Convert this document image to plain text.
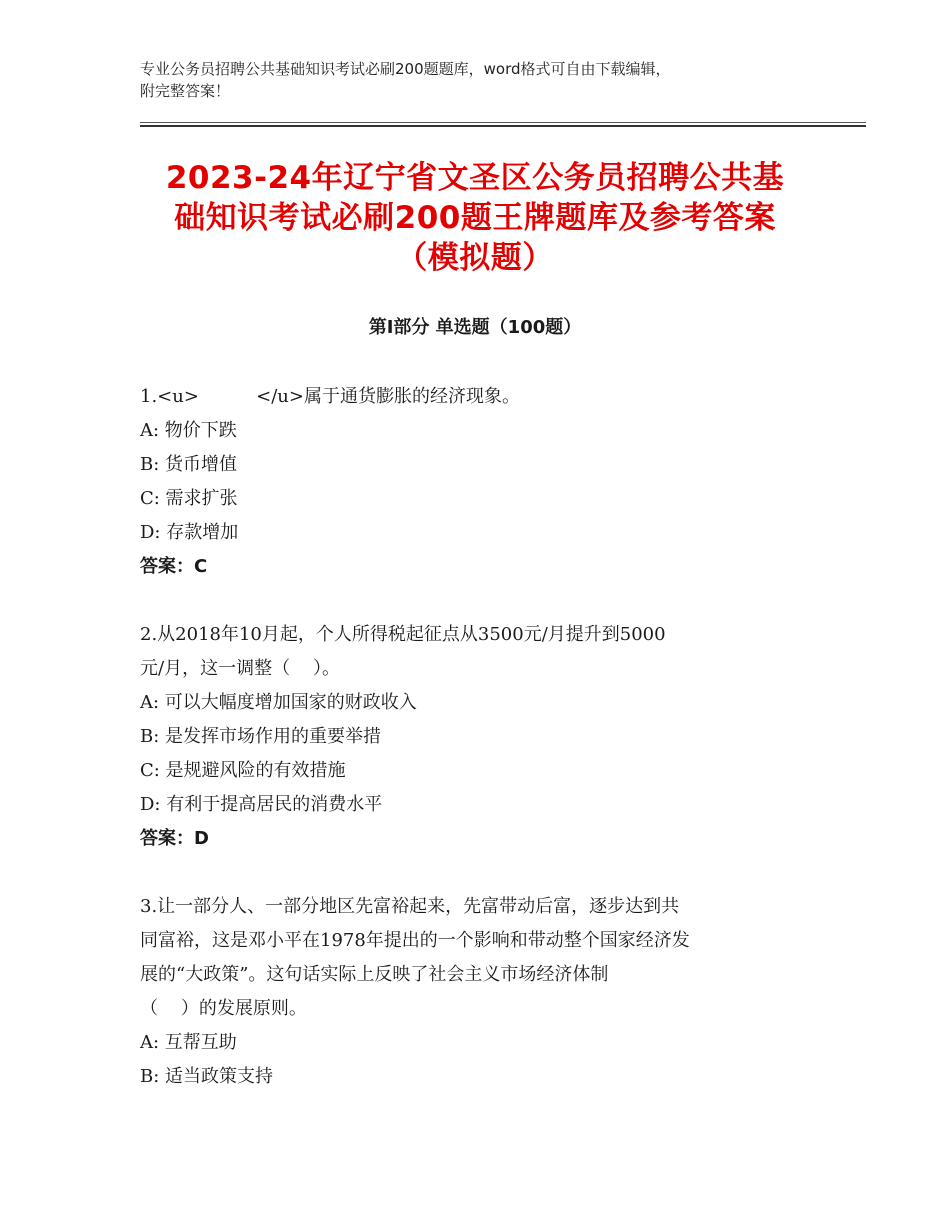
专业公务员招聘公共基础知识考试必刷200题题库，word格式可自由下载编辑，
附完整答案！
2023-24年辽宁省文圣区公务员招聘公共基
础知识考试必刷200题王牌题库及参考答案
（模拟题）
第Ⅰ部分 单选题（100题）

1.<u>          </u>属于通货膨胀的经济现象。

A: 物价下跌

B: 货币增值

C: 需求扩张

D: 存款增加

答案：C

2.从2018年10月起，个人所得税起征点从3500元/月提升到5000
元/月，这一调整（    ）。

A: 可以大幅度增加国家的财政收入

B: 是发挥市场作用的重要举措

C: 是规避风险的有效措施

D: 有利于提高居民的消费水平

答案：D

3.让一部分人、一部分地区先富裕起来，先富带动后富，逐步达到共
同富裕，这是邓小平在1978年提出的一个影响和带动整个国家经济发
展的“大政策”。这句话实际上反映了社会主义市场经济体制
（    ）的发展原则。

A: 互帮互助

B: 适当政策支持
